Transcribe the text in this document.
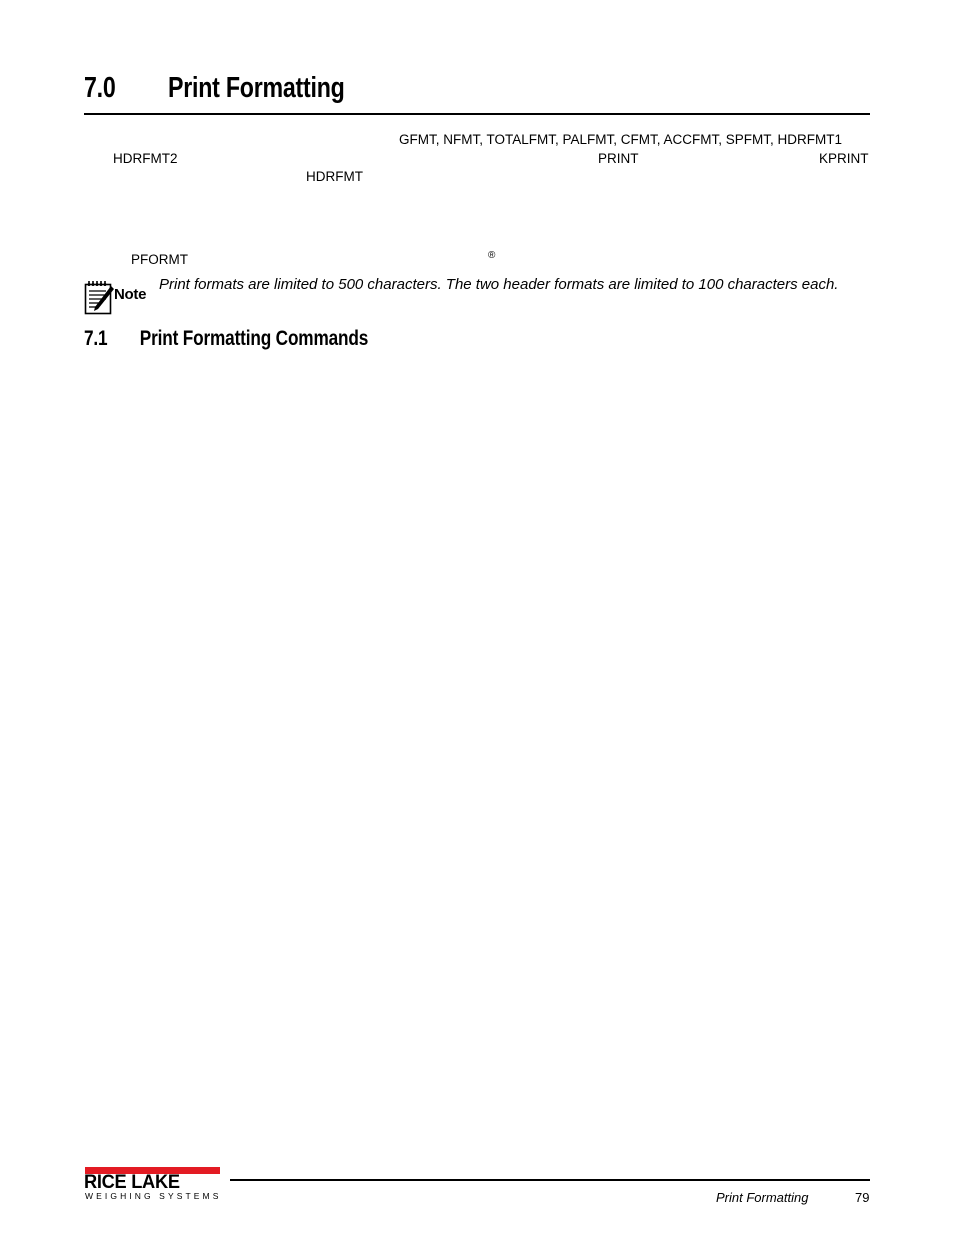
7.0 Print Formatting
GFMT, NFMT, TOTALFMT, PALFMT, CFMT, ACCFMT, SPFMT, HDRFMT1
HDRFMT2	PRINT	KPRINT
HDRFMT
PFORMT	®
Note
Print formats are limited to 500 characters. The two header formats are limited to 100 characters each.
7.1 Print Formatting Commands
RICE LAKE
WEIGHING SYSTEMS	Print Formatting	79
